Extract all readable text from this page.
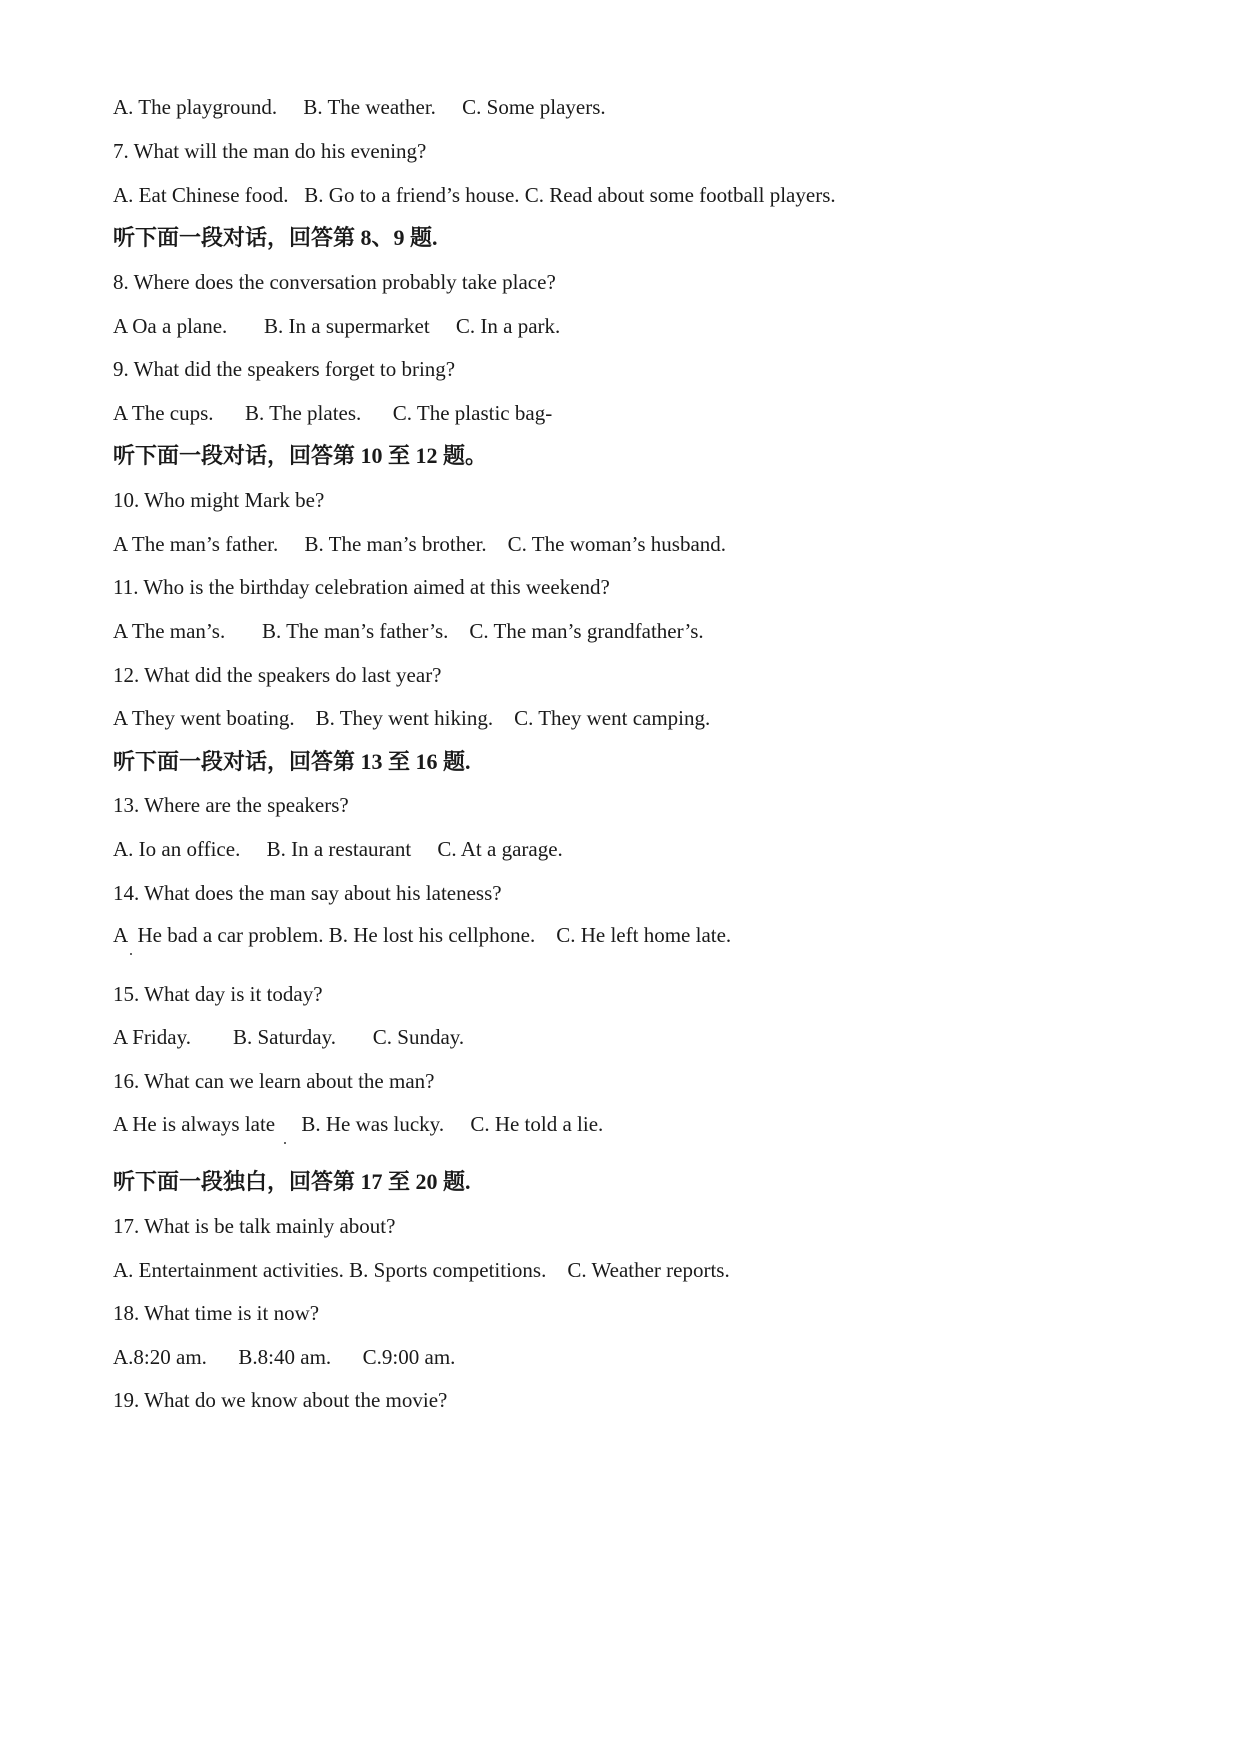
A. The playground.     B. The weather.     C. Some players.
7. What will the man do his evening?
A. Eat Chinese food.   B. Go to a friend’s house. C. Read about some football players.
听下面一段对话，回答第 8、9 题.
8. Where does the conversation probably take place?
A Oa a plane.       B. In a supermarket     C. In a park.
9. What did the speakers forget to bring?
A The cups.      B. The plates.      C. The plastic bag-
听下面一段对话，回答第 10 至 12 题。
10. Who might Mark be?
A The man’s father.     B. The man’s brother.    C. The woman’s husband.
11. Who is the birthday celebration aimed at this weekend?
A The man’s.       B. The man’s father’s.    C. The man’s grandfather’s.
12. What did the speakers do last year?
A They went boating.    B. They went hiking.    C. They went camping.
听下面一段对话，回答第 13 至 16 题.
13. Where are the speakers?
A. Io an office.     B. In a restaurant     C. At a garage.
14. What does the man say about his lateness?
A  He bad a car problem. B. He lost his cellphone.    C. He left home late.
15. What day is it today?
A Friday.        B. Saturday.       C. Sunday.
16. What can we learn about the man?
A He is always late     B. He was lucky.     C. He told a lie.
听下面一段独白，回答第 17 至 20 题.
17. What is be talk mainly about?
A. Entertainment activities. B. Sports competitions.    C. Weather reports.
18. What time is it now?
A.8:20 am.      B.8:40 am.      C.9:00 am.
19. What do we know about the movie?
